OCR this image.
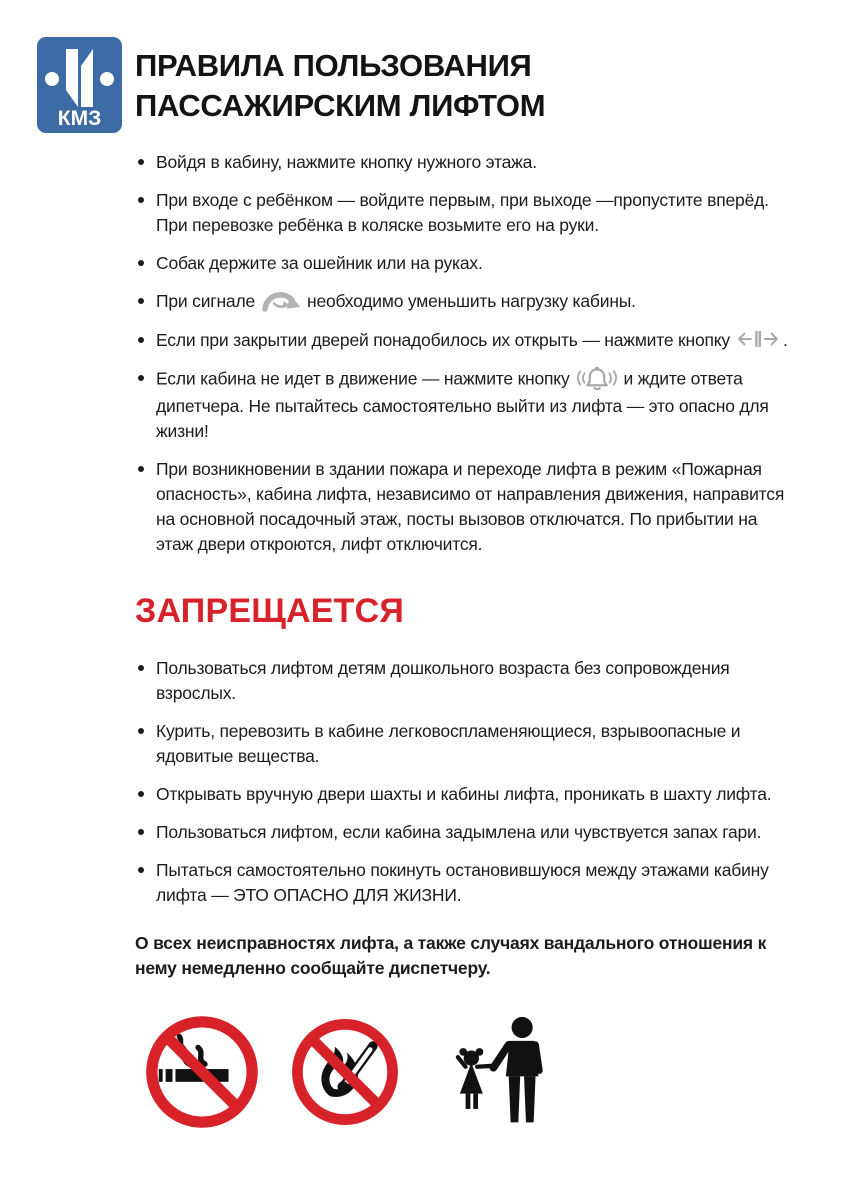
КМЗ
ПРАВИЛА ПОЛЬЗОВАНИЯ
ПАССАЖИРСКИМ ЛИФТОМ
Войдя в кабину, нажмите кнопку нужного этажа.
При входе с ребёнком — войдите первым, при выходе —пропустите вперёд. При перевозке ребёнка в коляске возьмите его на руки.
Собак держите за ошейник или на руках.
При сигнале	необходимо уменьшить нагрузку кабины.
Если при закрытии дверей понадобилось их открыть — нажмите кнопку	.
Если кабина не идет в движение — нажмите кнопку	и ждите ответа дипетчера. Не пытайтесь самостоятельно выйти из лифта — это опасно для жизни!
При возникновении в здании пожара и переходе лифта в режим «Пожарная опасность», кабина лифта, независимо от направления движения, направится на основной посадочный этаж, посты вызовов отключатся. По прибытии на этаж двери откроются, лифт отключится.
ЗАПРЕЩАЕТСЯ
Пользоваться лифтом детям дошкольного возраста без сопровождения взрослых.
Курить, перевозить в кабине легковоспламеняющиеся, взрывоопасные и ядовитые вещества.
Открывать вручную двери шахты и кабины лифта, проникать в шахту лифта.
Пользоваться лифтом, если кабина задымлена или чувствуется запах гари.
Пытаться самостоятельно покинуть остановившуюся между этажами кабину лифта — ЭТО ОПАСНО ДЛЯ ЖИЗНИ.

О всех неисправностях лифта, а также случаях вандального отношения к нему немедленно сообщайте диспетчеру.
